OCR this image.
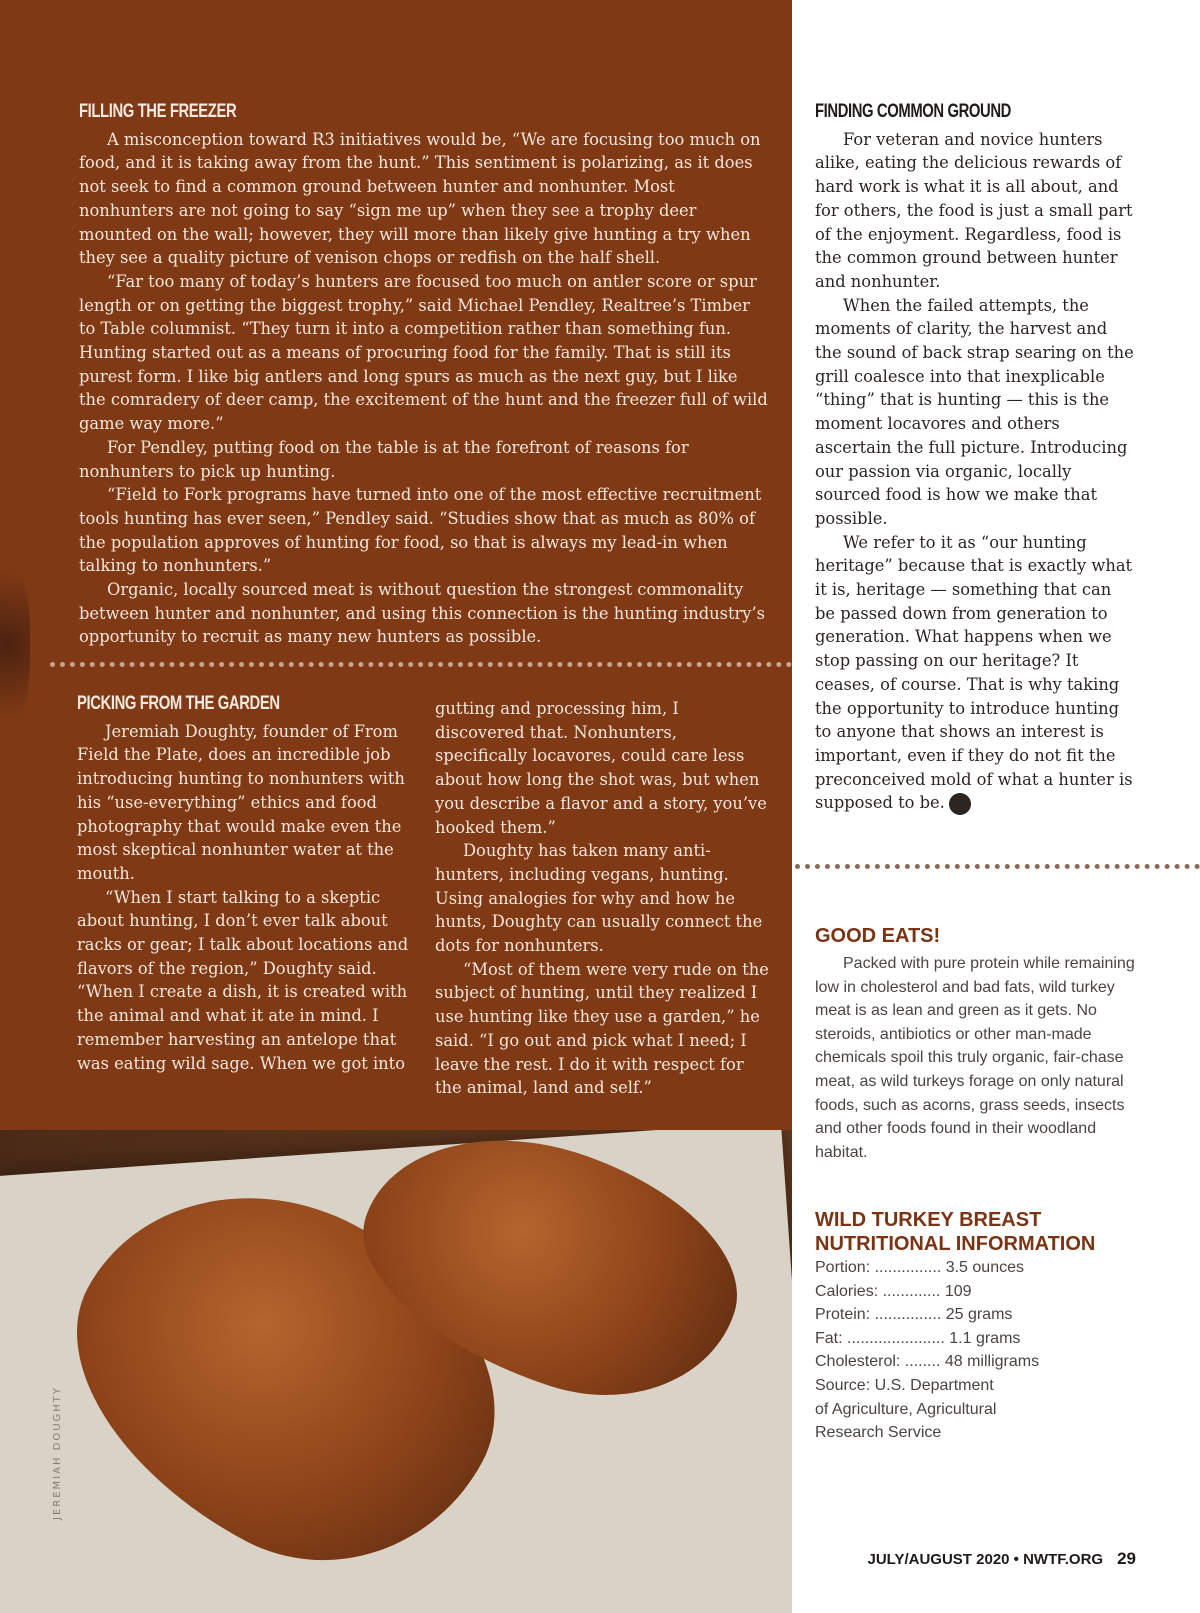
FILLING THE FREEZER

A misconception toward R3 initiatives would be, “We are focusing too much on food, and it is taking away from the hunt.” This sentiment is polarizing, as it does not seek to find a common ground between hunter and nonhunter. Most nonhunters are not going to say “sign me up” when they see a trophy deer mounted on the wall; however, they will more than likely give hunting a try when they see a quality picture of venison chops or redfish on the half shell.

“Far too many of today’s hunters are focused too much on antler score or spur length or on getting the biggest trophy,” said Michael Pendley, Realtree’s Timber to Table columnist. “They turn it into a competition rather than something fun. Hunting started out as a means of procuring food for the family. That is still its purest form. I like big antlers and long spurs as much as the next guy, but I like the comradery of deer camp, the excitement of the hunt and the freezer full of wild game way more.”

For Pendley, putting food on the table is at the forefront of reasons for nonhunters to pick up hunting.

“Field to Fork programs have turned into one of the most effective recruitment tools hunting has ever seen,” Pendley said. “Studies show that as much as 80% of the population approves of hunting for food, so that is always my lead-in when talking to nonhunters.”

Organic, locally sourced meat is without question the strongest commonality between hunter and nonhunter, and using this connection is the hunting industry’s opportunity to recruit as many new hunters as possible.

PICKING FROM THE GARDEN

Jeremiah Doughty, founder of From Field the Plate, does an incredible job introducing hunting to nonhunters with his “use-everything” ethics and food photography that would make even the most skeptical nonhunter water at the mouth.

“When I start talking to a skeptic about hunting, I don’t ever talk about racks or gear; I talk about locations and flavors of the region,” Doughty said. “When I create a dish, it is created with the animal and what it ate in mind. I remember harvesting an antelope that was eating wild sage. When we got into

gutting and processing him, I discovered that. Nonhunters, specifically locavores, could care less about how long the shot was, but when you describe a flavor and a story, you’ve hooked them.”

Doughty has taken many anti-hunters, including vegans, hunting. Using analogies for why and how he hunts, Doughty can usually connect the dots for nonhunters.

“Most of them were very rude on the subject of hunting, until they realized I use hunting like they use a garden,” he said. “I go out and pick what I need; I leave the rest. I do it with respect for the animal, land and self.”

FINDING COMMON GROUND

For veteran and novice hunters alike, eating the delicious rewards of hard work is what it is all about, and for others, the food is just a small part of the enjoyment. Regardless, food is the common ground between hunter and nonhunter.

When the failed attempts, the moments of clarity, the harvest and the sound of back strap searing on the grill coalesce into that inexplicable “thing” that is hunting — this is the moment locavores and others ascertain the full picture. Introducing our passion via organic, locally sourced food is how we make that possible.

We refer to it as “our hunting heritage” because that is exactly what it is, heritage — something that can be passed down from generation to generation. What happens when we stop passing on our heritage? It ceases, of course. That is why taking the opportunity to introduce hunting to anyone that shows an interest is important, even if they do not fit the preconceived mold of what a hunter is supposed to be.

GOOD EATS!

Packed with pure protein while remaining low in cholesterol and bad fats, wild turkey meat is as lean and green as it gets. No steroids, antibiotics or other man-made chemicals spoil this truly organic, fair-chase meat, as wild turkeys forage on only natural foods, such as acorns, grass seeds, insects and other foods found in their woodland habitat.

WILD TURKEY BREAST
NUTRITIONAL INFORMATION
Portion: ............... 3.5 ounces
Calories: ............. 109
Protein: ............... 25 grams
Fat: ...................... 1.1 grams
Cholesterol: ........ 48 milligrams
Source: U.S. Department
of Agriculture, Agricultural
Research Service
JEREMIAH DOUGHTY
JULY/AUGUST 2020 • NWTF.ORG 29
